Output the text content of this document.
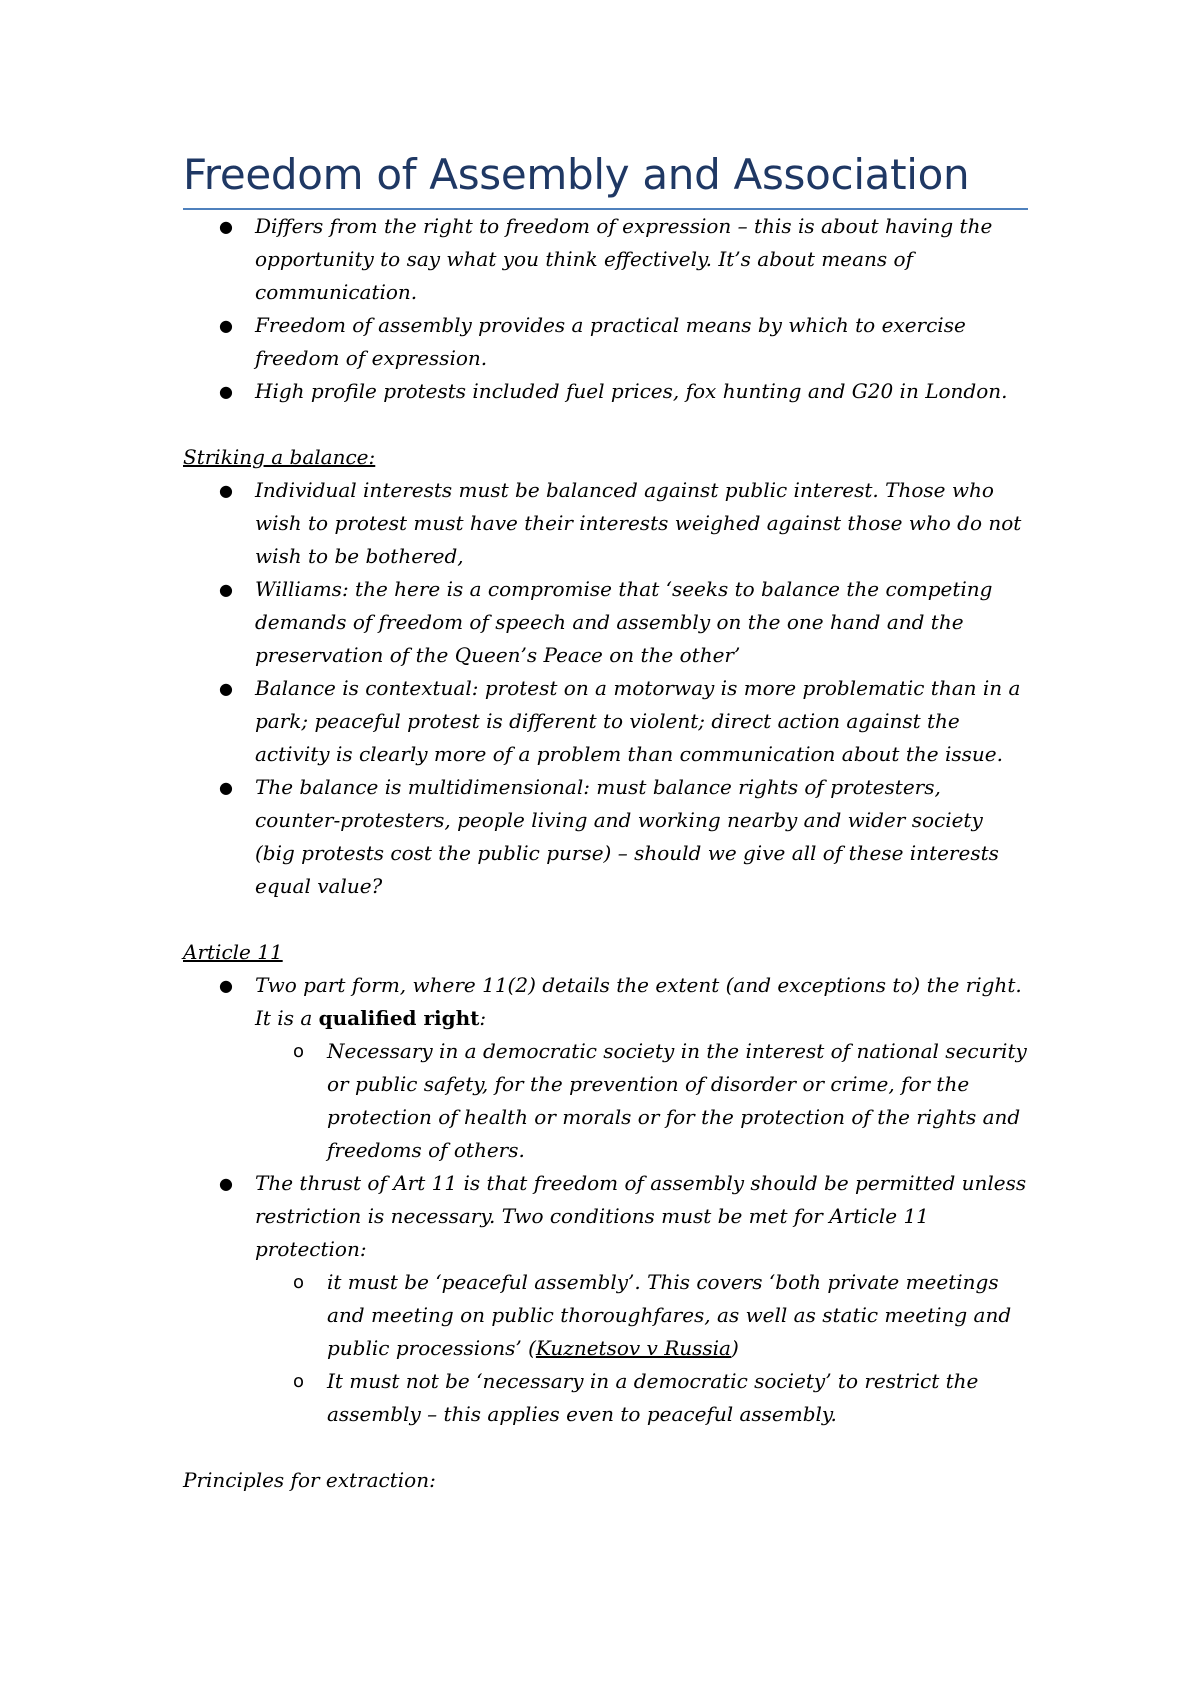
Freedom of Assembly and Association
● Differs from the right to freedom of expression – this is about having the opportunity to say what you think effectively. It’s about means of communication.
● Freedom of assembly provides a practical means by which to exercise freedom of expression.
● High profile protests included fuel prices, fox hunting and G20 in London.

Striking a balance:

● Individual interests must be balanced against public interest. Those who wish to protest must have their interests weighed against those who do not wish to be bothered,
● Williams: the here is a compromise that ‘seeks to balance the competing demands of freedom of speech and assembly on the one hand and the preservation of the Queen’s Peace on the other’
● Balance is contextual: protest on a motorway is more problematic than in a park; peaceful protest is different to violent; direct action against the activity is clearly more of a problem than communication about the issue.
● The balance is multidimensional: must balance rights of protesters, counter-protesters, people living and working nearby and wider society (big protests cost the public purse) – should we give all of these interests equal value?

Article 11

● Two part form, where 11(2) details the extent (and exceptions to) the right. It is a qualified right:
o Necessary in a democratic society in the interest of national security or public safety, for the prevention of disorder or crime, for the protection of health or morals or for the protection of the rights and freedoms of others.
● The thrust of Art 11 is that freedom of assembly should be permitted unless restriction is necessary. Two conditions must be met for Article 11 protection:
o it must be ‘peaceful assembly’. This covers ‘both private meetings and meeting on public thoroughfares, as well as static meeting and public processions’ (Kuznetsov v Russia)
o It must not be ‘necessary in a democratic society’ to restrict the assembly – this applies even to peaceful assembly.

Principles for extraction:
